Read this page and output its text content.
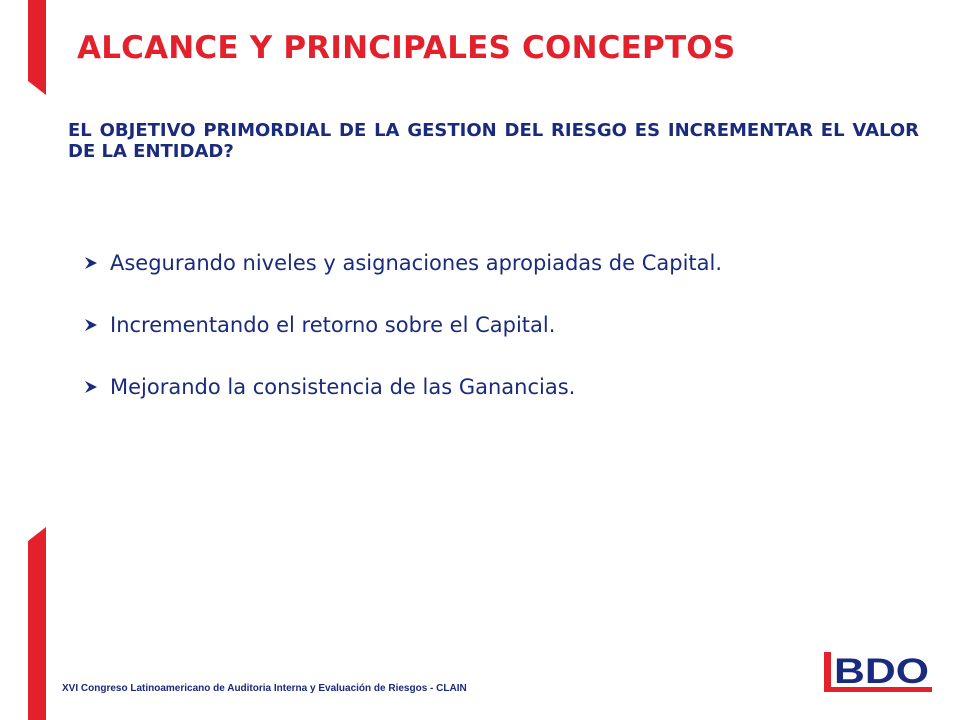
ALCANCE Y PRINCIPALES CONCEPTOS

EL OBJETIVO PRIMORDIAL DE LA GESTION DEL RIESGO ES INCREMENTAR EL VALOR DE LA ENTIDAD?

Asegurando niveles y asignaciones apropiadas de Capital.
Incrementando el retorno sobre el Capital.
Mejorando la consistencia de las Ganancias.

XVI Congreso Latinoamericano de Auditoria Interna y Evaluación de Riesgos - CLAIN	BDO
